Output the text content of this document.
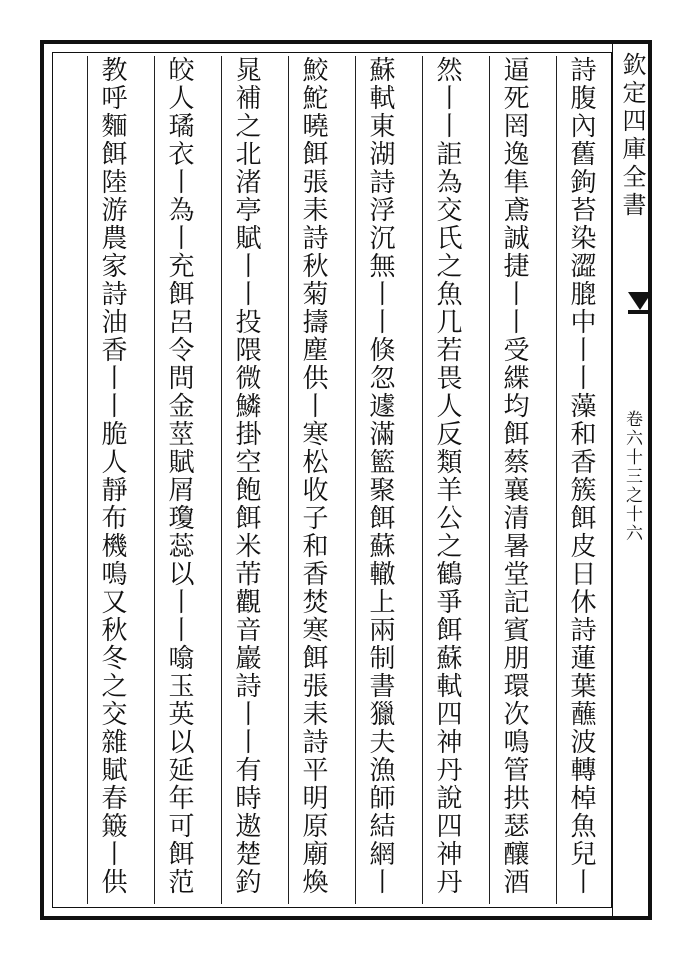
欽定四庫全書
卷六十三之十六
詩腹內舊鉤苔染澀膍中丨丨藻和香簇餌皮日休詩蓮葉蘸波轉棹魚兒丨
逼死罔逸隼鳶誠捷丨丨受緤均餌蔡襄清暑堂記賓朋環次鳴管拱瑟釀酒
然丨丨詎為交氏之魚几若畏人反類羊公之鶴爭餌蘇軾四神丹說四神丹
蘇軾東湖詩浮沉無丨丨倏忽遽滿籃聚餌蘇轍上兩制書獵夫漁師結網丨
鮫鮀曉餌張耒詩秋菊擣塵供丨寒松收子和香焚寒餌張耒詩平明原廟煥
晁補之北渚亭賦丨丨投隈微鱗掛空飽餌米芾觀音巖詩丨丨有時遨楚釣
皎人璚衣丨為丨充餌呂令問金莖賦屑瓊蕊以丨丨噏玉英以延年可餌范
教呼麵餌陸游農家詩油香丨丨脆人靜布機鳴又秋冬之交雜賦春簸丨供
